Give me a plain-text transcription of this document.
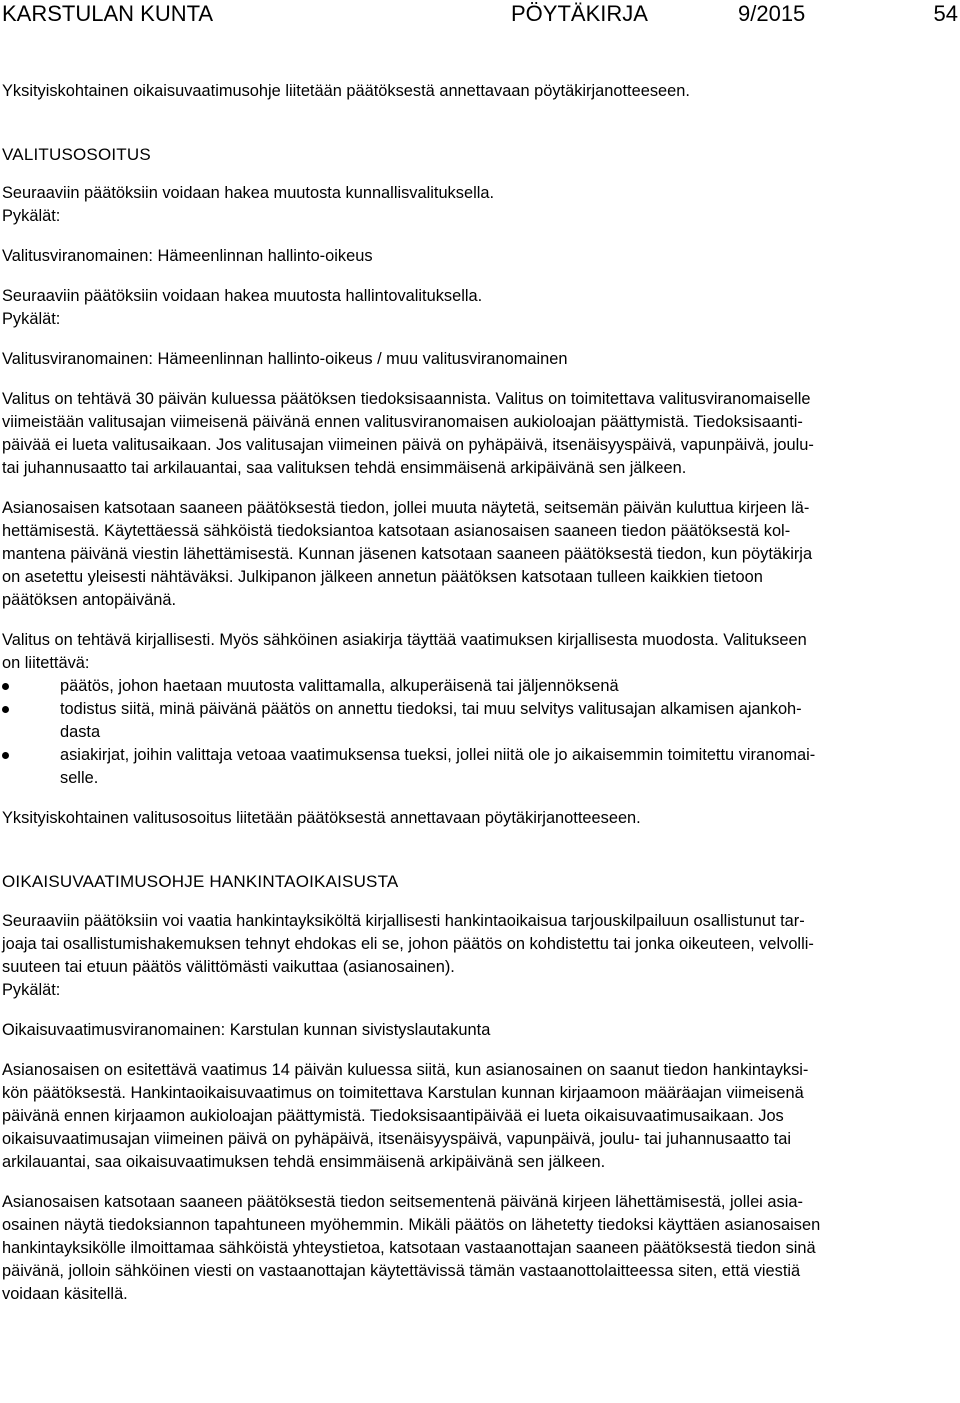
KARSTULAN KUNTA	PÖYTÄKIRJA	9/2015	54

Yksityiskohtainen oikaisuvaatimusohje liitetään päätöksestä annettavaan pöytäkirjanotteeseen.

VALITUSOSOITUS

Seuraaviin päätöksiin voidaan hakea muutosta kunnallisvalituksella.

Pykälät:

Valitusviranomainen: Hämeenlinnan hallinto-oikeus

Seuraaviin päätöksiin voidaan hakea muutosta hallintovalituksella.

Pykälät:

Valitusviranomainen: Hämeenlinnan hallinto-oikeus / muu valitusviranomainen

Valitus on tehtävä 30 päivän kuluessa päätöksen tiedoksisaannista. Valitus on toimitettava valitusviranomaiselle
viimeistään valitusajan viimeisenä päivänä ennen valitusviranomaisen aukioloajan päättymistä. Tiedoksisaanti-
päivää ei lueta valitusaikaan. Jos valitusajan viimeinen päivä on pyhäpäivä, itsenäisyyspäivä, vapunpäivä, joulu-
tai juhannusaatto tai arkilauantai, saa valituksen tehdä ensimmäisenä arkipäivänä sen jälkeen.

Asianosaisen katsotaan saaneen päätöksestä tiedon, jollei muuta näytetä, seitsemän päivän kuluttua kirjeen lä-
hettämisestä. Käytettäessä sähköistä tiedoksiantoa katsotaan asianosaisen saaneen tiedon päätöksestä kol-
mantena päivänä viestin lähettämisestä. Kunnan jäsenen katsotaan saaneen päätöksestä tiedon, kun pöytäkirja
on asetettu yleisesti nähtäväksi. Julkipanon jälkeen annetun päätöksen katsotaan tulleen kaikkien tietoon
päätöksen antopäivänä.

Valitus on tehtävä kirjallisesti. Myös sähköinen asiakirja täyttää vaatimuksen kirjallisesta muodosta. Valitukseen
on liitettävä:

päätös, johon haetaan muutosta valittamalla, alkuperäisenä tai jäljennöksenä
todistus siitä, minä päivänä päätös on annettu tiedoksi, tai muu selvitys valitusajan alkamisen ajankoh-
dasta
asiakirjat, joihin valittaja vetoaa vaatimuksensa tueksi, jollei niitä ole jo aikaisemmin toimitettu viranomai-
selle.

Yksityiskohtainen valitusosoitus liitetään päätöksestä annettavaan pöytäkirjanotteeseen.

OIKAISUVAATIMUSOHJE HANKINTAOIKAISUSTA

Seuraaviin päätöksiin voi vaatia hankintayksiköltä kirjallisesti hankintaoikaisua tarjouskilpailuun osallistunut tar-
joaja tai osallistumishakemuksen tehnyt ehdokas eli se, johon päätös on kohdistettu tai jonka oikeuteen, velvolli-
suuteen tai etuun päätös välittömästi vaikuttaa (asianosainen).

Pykälät:

Oikaisuvaatimusviranomainen: Karstulan kunnan sivistyslautakunta

Asianosaisen on esitettävä vaatimus 14 päivän kuluessa siitä, kun asianosainen on saanut tiedon hankintayksi-
kön päätöksestä. Hankintaoikaisuvaatimus on toimitettava Karstulan kunnan kirjaamoon määräajan viimeisenä
päivänä ennen kirjaamon aukioloajan päättymistä. Tiedoksisaantipäivää ei lueta oikaisuvaatimusaikaan. Jos
oikaisuvaatimusajan viimeinen päivä on pyhäpäivä, itsenäisyyspäivä, vapunpäivä, joulu- tai juhannusaatto tai
arkilauantai, saa oikaisuvaatimuksen tehdä ensimmäisenä arkipäivänä sen jälkeen.

Asianosaisen katsotaan saaneen päätöksestä tiedon seitsementenä päivänä kirjeen lähettämisestä, jollei asia-
osainen näytä tiedoksiannon tapahtuneen myöhemmin. Mikäli päätös on lähetetty tiedoksi käyttäen asianosaisen
hankintayksikölle ilmoittamaa sähköistä yhteystietoa, katsotaan vastaanottajan saaneen päätöksestä tiedon sinä
päivänä, jolloin sähköinen viesti on vastaanottajan käytettävissä tämän vastaanottolaitteessa siten, että viestiä
voidaan käsitellä.
